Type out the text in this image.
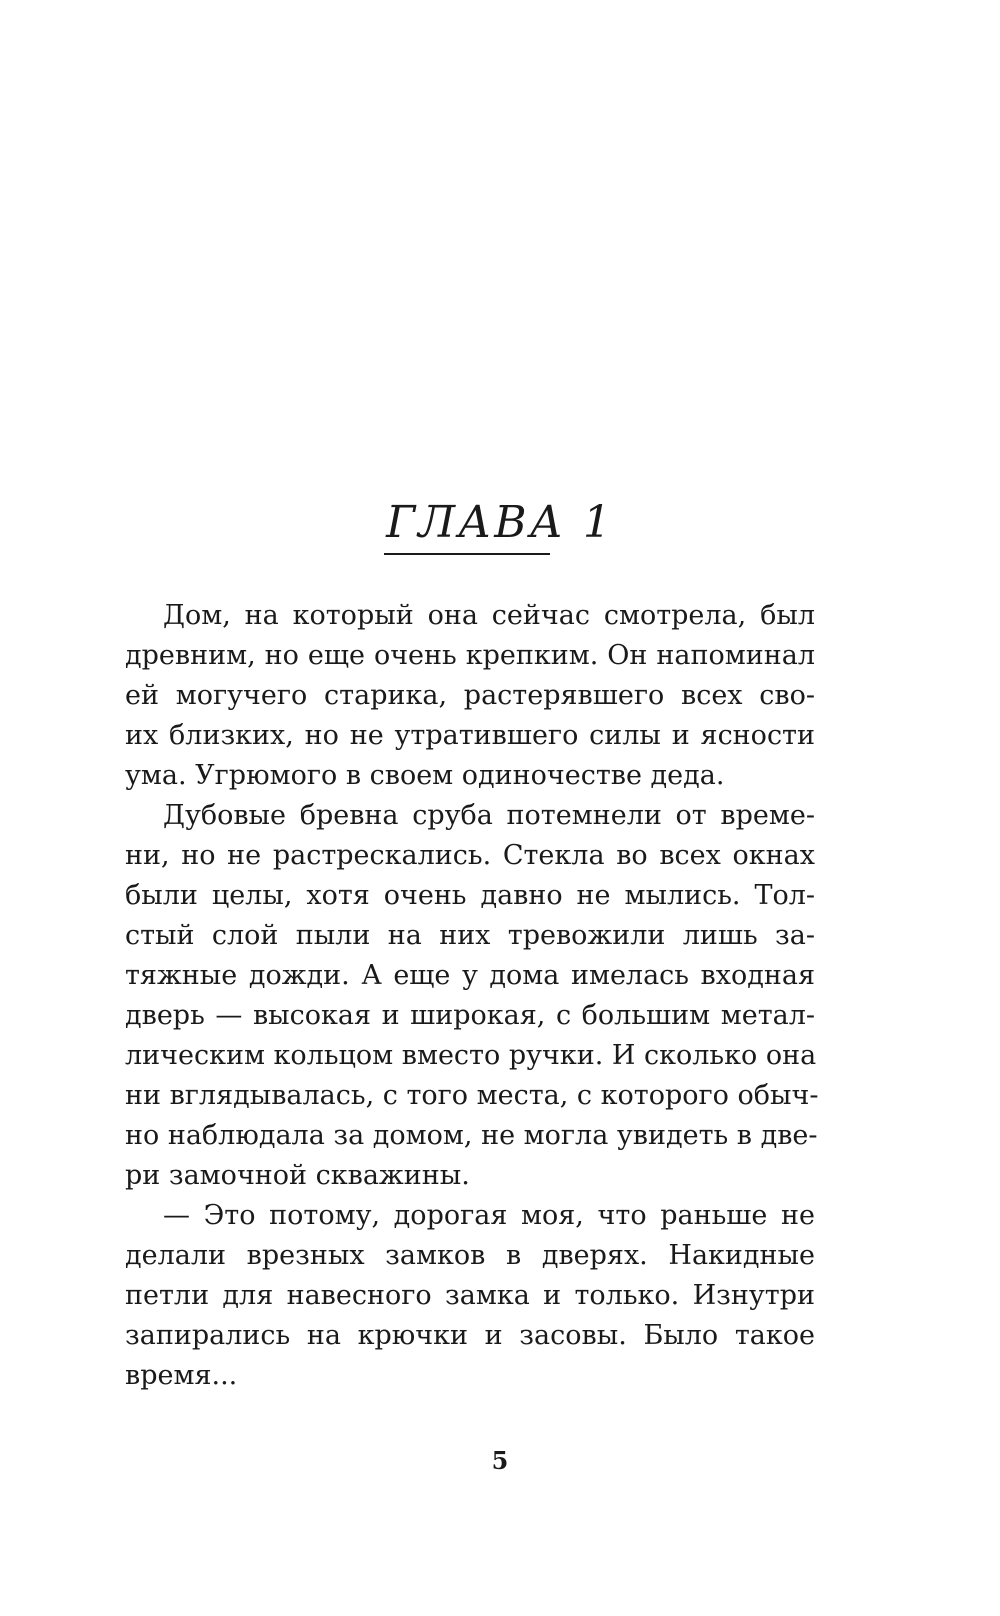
ГЛАВА 1
Дом, на который она сейчас смотрела, был
древним, но еще очень крепким. Он напоминал
ей могучего старика, растерявшего всех сво-
их близких, но не утратившего силы и ясности
ума. Угрюмого в своем одиночестве деда.
Дубовые бревна сруба потемнели от време-
ни, но не растрескались. Стекла во всех окнах
были целы, хотя очень давно не мылись. Тол-
стый слой пыли на них тревожили лишь за-
тяжные дожди. А еще у дома имелась входная
дверь — высокая и широкая, с большим метал-
лическим кольцом вместо ручки. И сколько она
ни вглядывалась, с того места, с которого обыч-
но наблюдала за домом, не могла увидеть в две-
ри замочной скважины.
— Это потому, дорогая моя, что раньше не
делали врезных замков в дверях. Накидные
петли для навесного замка и только. Изнутри
запирались на крючки и засовы. Было такое
время...
5
